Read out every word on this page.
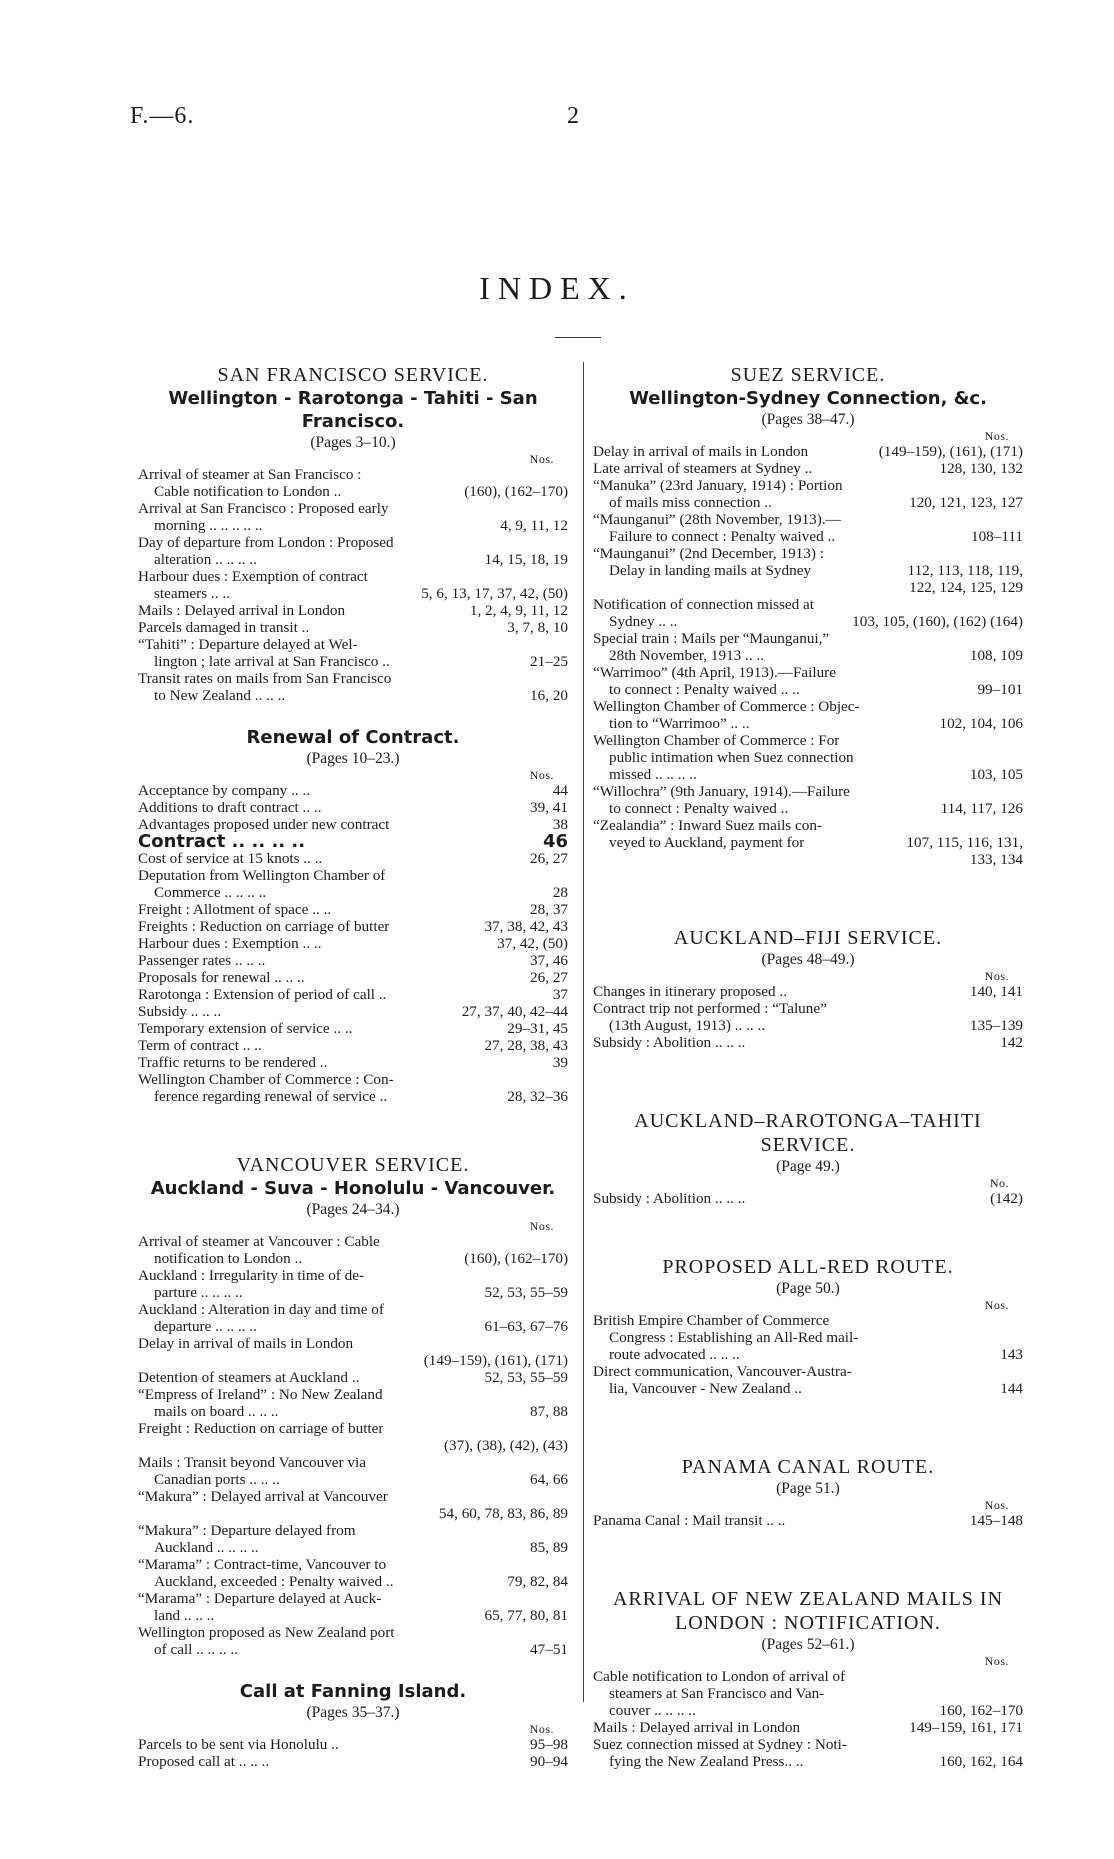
F.—6.	2
INDEX.
SAN FRANCISCO SERVICE.
Wellington - Rarotonga - Tahiti - San
Francisco.
(Pages 3–10.)
Nos.
Arrival of steamer at San Francisco :
Cable notification to London ..	(160), (162–170)
Arrival at San Francisco : Proposed early
morning .. .. .. .. ..	4, 9, 11, 12
Day of departure from London : Proposed
alteration .. .. .. ..	14, 15, 18, 19
Harbour dues : Exemption of contract
steamers .. ..	5, 6, 13, 17, 37, 42, (50)
Mails : Delayed arrival in London	1, 2, 4, 9, 11, 12
Parcels damaged in transit ..	3, 7, 8, 10
“Tahiti” : Departure delayed at Wel-
lington ; late arrival at San Francisco ..	21–25
Transit rates on mails from San Francisco
to New Zealand .. .. ..	16, 20
Renewal of Contract.
(Pages 10–23.)
Nos.
Acceptance by company .. ..	44
Additions to draft contract .. ..	39, 41
Advantages proposed under new contract	38
Contract .. .. .. ..	46
Cost of service at 15 knots .. ..	26, 27
Deputation from Wellington Chamber of
Commerce .. .. .. ..	28
Freight : Allotment of space .. ..	28, 37
Freights : Reduction on carriage of butter	37, 38, 42, 43
Harbour dues : Exemption .. ..	37, 42, (50)
Passenger rates .. .. ..	37, 46
Proposals for renewal .. .. ..	26, 27
Rarotonga : Extension of period of call ..	37
Subsidy .. .. ..	27, 37, 40, 42–44
Temporary extension of service .. ..	29–31, 45
Term of contract .. ..	27, 28, 38, 43
Traffic returns to be rendered ..	39
Wellington Chamber of Commerce : Con-
ference regarding renewal of service ..	28, 32–36
VANCOUVER SERVICE.
Auckland - Suva - Honolulu - Vancouver.
(Pages 24–34.)
Nos.
Arrival of steamer at Vancouver : Cable
notification to London ..	(160), (162–170)
Auckland : Irregularity in time of de-
parture .. .. .. ..	52, 53, 55–59
Auckland : Alteration in day and time of
departure .. .. .. ..	61–63, 67–76
Delay in arrival of mails in London
(149–159), (161), (171)
Detention of steamers at Auckland ..	52, 53, 55–59
“Empress of Ireland” : No New Zealand
mails on board .. .. ..	87, 88
Freight : Reduction on carriage of butter
(37), (38), (42), (43)
Mails : Transit beyond Vancouver via
Canadian ports .. .. ..	64, 66
“Makura” : Delayed arrival at Vancouver
54, 60, 78, 83, 86, 89
“Makura” : Departure delayed from
Auckland .. .. .. ..	85, 89
“Marama” : Contract-time, Vancouver to
Auckland, exceeded : Penalty waived ..	79, 82, 84
“Marama” : Departure delayed at Auck-
land .. .. ..	65, 77, 80, 81
Wellington proposed as New Zealand port
of call .. .. .. ..	47–51
Call at Fanning Island.
(Pages 35–37.)
Nos.
Parcels to be sent via Honolulu ..	95–98
Proposed call at .. .. ..	90–94
SUEZ SERVICE.
Wellington-Sydney Connection, &c.
(Pages 38–47.)
Nos.
Delay in arrival of mails in London	(149–159), (161), (171)
Late arrival of steamers at Sydney ..	128, 130, 132
“Manuka” (23rd January, 1914) : Portion
of mails miss connection ..	120, 121, 123, 127
“Maunganui” (28th November, 1913).—
Failure to connect : Penalty waived ..	108–111
“Maunganui” (2nd December, 1913) :
Delay in landing mails at Sydney	112, 113, 118, 119,
122, 124, 125, 129
Notification of connection missed at
Sydney .. ..	103, 105, (160), (162) (164)
Special train : Mails per “Maunganui,”
28th November, 1913 .. ..	108, 109
“Warrimoo” (4th April, 1913).—Failure
to connect : Penalty waived .. ..	99–101
Wellington Chamber of Commerce : Objec-
tion to “Warrimoo” .. ..	102, 104, 106
Wellington Chamber of Commerce : For
public intimation when Suez connection
missed .. .. .. ..	103, 105
“Willochra” (9th January, 1914).—Failure
to connect : Penalty waived ..	114, 117, 126
“Zealandia” : Inward Suez mails con-
veyed to Auckland, payment for	107, 115, 116, 131,
133, 134
AUCKLAND–FIJI SERVICE.
(Pages 48–49.)
Nos.
Changes in itinerary proposed ..	140, 141
Contract trip not performed : “Talune”
(13th August, 1913) .. .. ..	135–139
Subsidy : Abolition .. .. ..	142
AUCKLAND–RAROTONGA–TAHITI SERVICE.
(Page 49.)
No.
Subsidy : Abolition .. .. ..	(142)
PROPOSED ALL-RED ROUTE.
(Page 50.)
Nos.
British Empire Chamber of Commerce
Congress : Establishing an All-Red mail-
route advocated .. .. ..	143
Direct communication, Vancouver-Austra-
lia, Vancouver - New Zealand ..	144
PANAMA CANAL ROUTE.
(Page 51.)
Nos.
Panama Canal : Mail transit .. ..	145–148
ARRIVAL OF NEW ZEALAND MAILS IN LONDON : NOTIFICATION.
(Pages 52–61.)
Nos.
Cable notification to London of arrival of
steamers at San Francisco and Van-
couver .. .. .. ..	160, 162–170
Mails : Delayed arrival in London	149–159, 161, 171
Suez connection missed at Sydney : Noti-
fying the New Zealand Press.. ..	160, 162, 164
